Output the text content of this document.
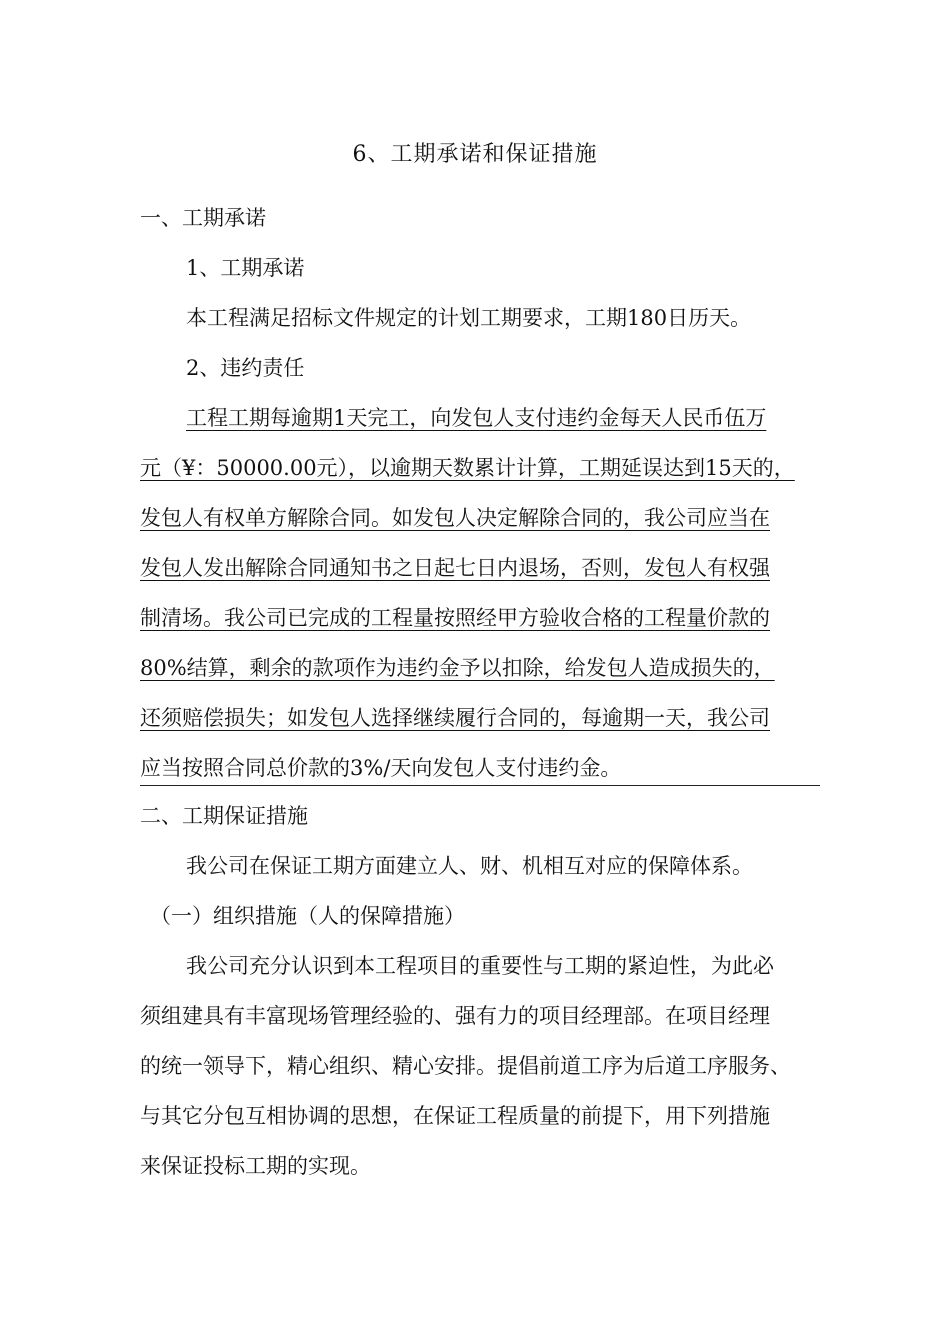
6、工期承诺和保证措施
一、工期承诺
1、工期承诺
本工程满足招标文件规定的计划工期要求，工期180日历天。
2、违约责任
工程工期每逾期1天完工，向发包人支付违约金每天人民币伍万
元（¥：50000.00元），以逾期天数累计计算，工期延误达到15天的，
发包人有权单方解除合同。如发包人决定解除合同的，我公司应当在
发包人发出解除合同通知书之日起七日内退场，否则，发包人有权强
制清场。我公司已完成的工程量按照经甲方验收合格的工程量价款的
80%结算，剩余的款项作为违约金予以扣除，给发包人造成损失的，
还须赔偿损失；如发包人选择继续履行合同的，每逾期一天，我公司
应当按照合同总价款的3%/天向发包人支付违约金。
二、工期保证措施
我公司在保证工期方面建立人、财、机相互对应的保障体系。
（一）组织措施（人的保障措施）
我公司充分认识到本工程项目的重要性与工期的紧迫性，为此必
须组建具有丰富现场管理经验的、强有力的项目经理部。在项目经理
的统一领导下，精心组织、精心安排。提倡前道工序为后道工序服务、
与其它分包互相协调的思想，在保证工程质量的前提下，用下列措施
来保证投标工期的实现。
